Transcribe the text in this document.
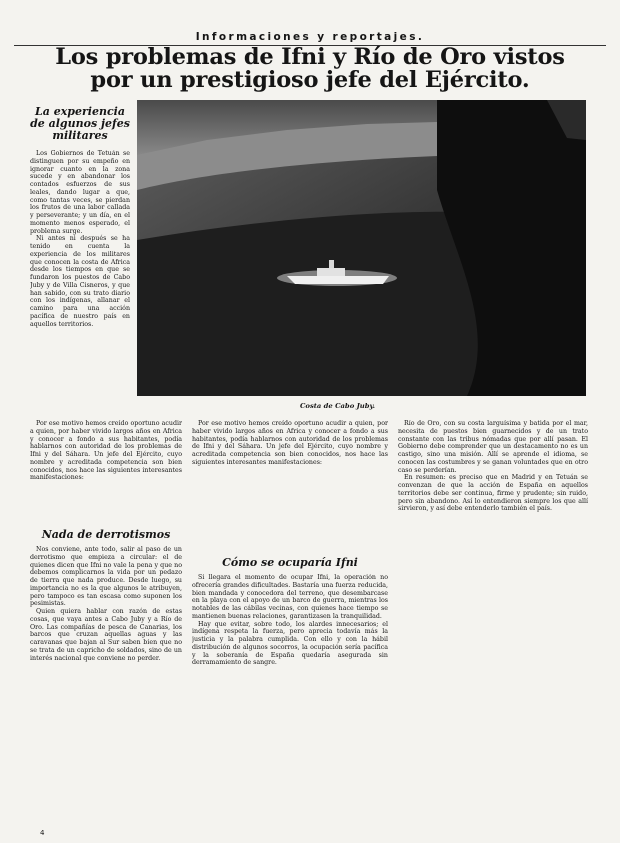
Informaciones y reportajes.
Los problemas de Ifni y Río de Oro vistos
por un prestigioso jefe del Ejército.
La experiencia
de algunos jefes
militares

Los Gobiernos de Tetuán se distinguen por su empeño en ignorar cuanto en la zona sucede y en abandonar los contados esfuerzos de sus leales, dando lugar a que, como tantas veces, se pierdan los frutos de una labor callada y perseverante; y un día, en el momento menos esperado, el problema surge.

Ni antes ni después se ha tenido en cuenta la experiencia de los militares que conocen la costa de Africa desde los tiempos en que se fundaron los puestos de Cabo Juby y de Villa Cisneros, y que han sabido, con su trato diario con los indígenas, allanar el camino para una acción pacífica de nuestro país en aquellos territorios.

Costa de Cabo Juby.

Por ese motivo hemos creído oportuno acudir a quien, por haber vivido largos años en Africa y conocer a fondo a sus habitantes, podía hablarnos con autoridad de los problemas de Ifni y del Sáhara. Un jefe del Ejército, cuyo nombre y acreditada competencia son bien conocidos, nos hace las siguientes interesantes manifestaciones:

Nada de derrotismos

Nos conviene, ante todo, salir al paso de un derrotismo que empieza a circular: el de quienes dicen que Ifni no vale la pena y que no debemos complicarnos la vida por un pedazo de tierra que nada produce. Desde luego, su importancia no es la que algunos le atribuyen, pero tampoco es tan escasa como suponen los pesimistas.

Quien quiera hablar con razón de estas cosas, que vaya antes a Cabo Juby y a Río de Oro. Las compañías de pesca de Canarias, los barcos que cruzan aquellas aguas y las caravanas que bajan al Sur saben bien que no se trata de un capricho de soldados, sino de un interés nacional que conviene no perder.

Por ese motivo hemos creído oportuno acudir a quien, por haber vivido largos años en Africa y conocer a fondo a sus habitantes, podía hablarnos con autoridad de los problemas de Ifni y del Sáhara. Un jefe del Ejército, cuyo nombre y acreditada competencia son bien conocidos, nos hace las siguientes interesantes manifestaciones:

Cómo se ocuparía Ifni

Si llegara el momento de ocupar Ifni, la operación no ofrecería grandes dificultades. Bastaría una fuerza reducida, bien mandada y conocedora del terreno, que desembarcase en la playa con el apoyo de un barco de guerra, mientras los notables de las cábilas vecinas, con quienes hace tiempo se mantienen buenas relaciones, garantizasen la tranquilidad.

Hay que evitar, sobre todo, los alardes innecesarios; el indígena respeta la fuerza, pero aprecia todavía más la justicia y la palabra cumplida. Con ello y con la hábil distribución de algunos socorros, la ocupación sería pacífica y la soberanía de España quedaría asegurada sin derramamiento de sangre.

Río de Oro, con su costa larguísima y batida por el mar, necesita de puestos bien guarnecidos y de un trato constante con las tribus nómadas que por allí pasan. El Gobierno debe comprender que un destacamento no es un castigo, sino una misión. Allí se aprende el idioma, se conocen las costumbres y se ganan voluntades que en otro caso se perderían.

En resumen: es preciso que en Madrid y en Tetuán se convenzan de que la acción de España en aquellos territorios debe ser continua, firme y prudente; sin ruido, pero sin abandono. Así lo entendieron siempre los que allí sirvieron, y así debe entenderlo también el país.

4
